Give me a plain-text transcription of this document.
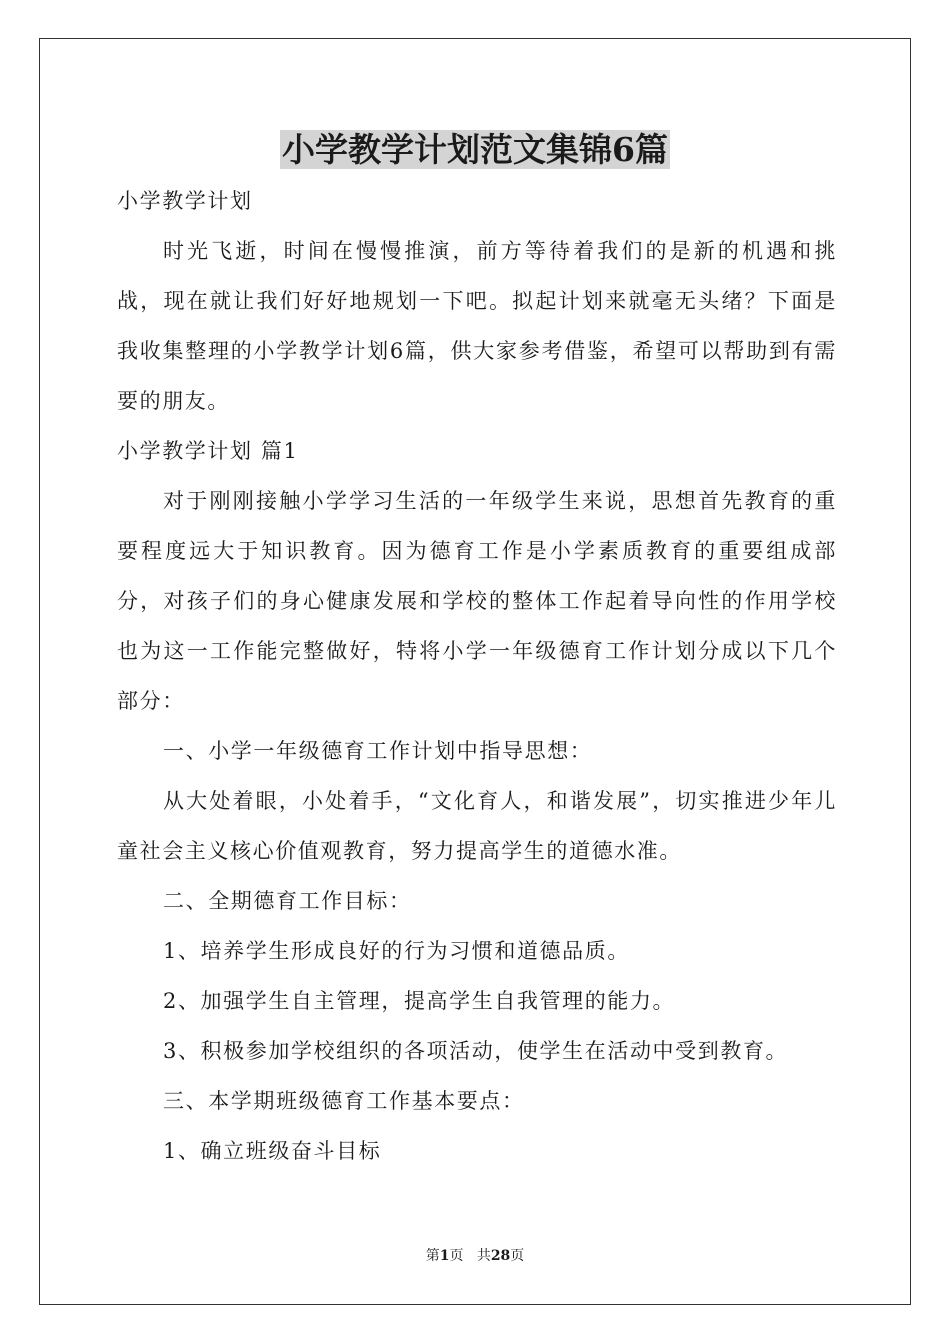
小学教学计划范文集锦6篇

小学教学计划

时光飞逝，时间在慢慢推演，前方等待着我们的是新的机遇和挑战，现在就让我们好好地规划一下吧。拟起计划来就毫无头绪？下面是我收集整理的小学教学计划6篇，供大家参考借鉴，希望可以帮助到有需要的朋友。

小学教学计划 篇1

对于刚刚接触小学学习生活的一年级学生来说，思想首先教育的重要程度远大于知识教育。因为德育工作是小学素质教育的重要组成部分，对孩子们的身心健康发展和学校的整体工作起着导向性的作用学校也为这一工作能完整做好，特将小学一年级德育工作计划分成以下几个部分：

一、小学一年级德育工作计划中指导思想：

从大处着眼，小处着手，“文化育人，和谐发展”，切实推进少年儿童社会主义核心价值观教育，努力提高学生的道德水准。

二、全期德育工作目标：

1、培养学生形成良好的行为习惯和道德品质。

2、加强学生自主管理，提高学生自我管理的能力。

3、积极参加学校组织的各项活动，使学生在活动中受到教育。

三、本学期班级德育工作基本要点：

1、确立班级奋斗目标

第1页 共28页
